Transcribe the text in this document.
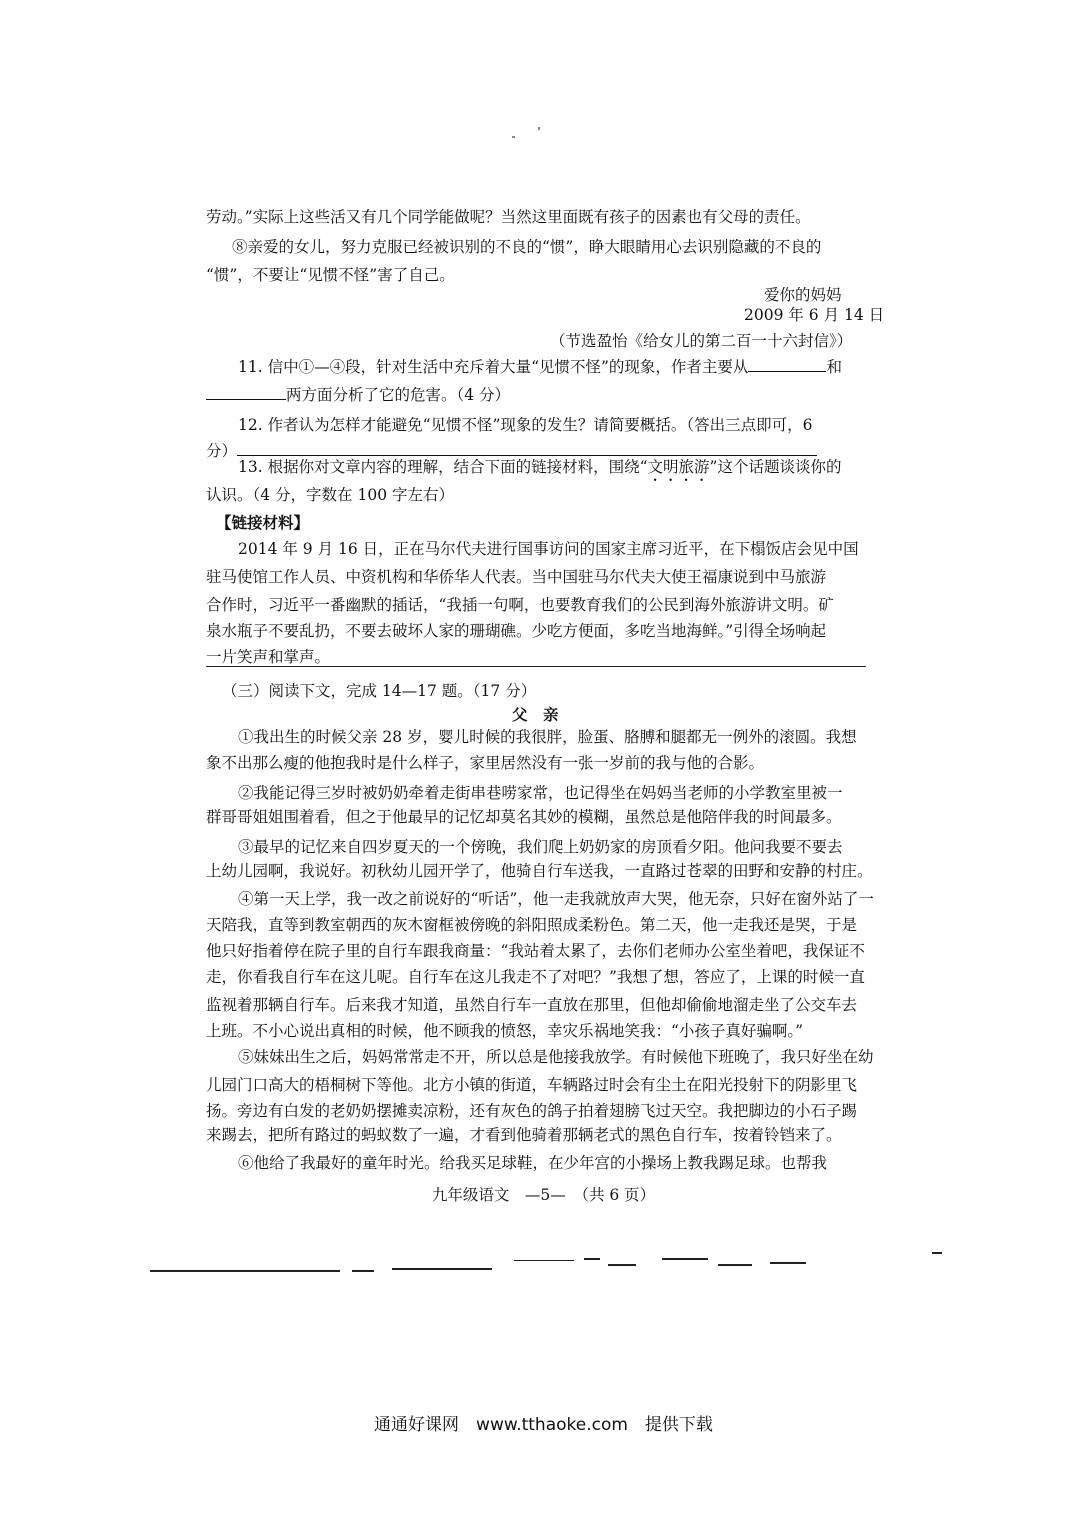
劳动。”实际上这些活又有几个同学能做呢？当然这里面既有孩子的因素也有父母的责任。
⑧亲爱的女儿，努力克服已经被识别的不良的“惯”，睁大眼睛用心去识别隐藏的不良的
“惯”，不要让“见惯不怪”害了自己。
爱你的妈妈
2009 年 6 月 14 日
（节选盈怡《给女儿的第二百一十六封信》）
11. 信中①—④段，针对生活中充斥着大量“见惯不怪”的现象，作者主要从	和
两方面分析了它的危害。（4 分）
12. 作者认为怎样才能避免“见惯不怪”现象的发生？请简要概括。（答出三点即可，6
分）
13. 根据你对文章内容的理解，结合下面的链接材料，围绕“文明旅游”这个话题谈谈你的
认识。（4 分，字数在 100 字左右）
【链接材料】
2014 年 9 月 16 日，正在马尔代夫进行国事访问的国家主席习近平，在下榻饭店会见中国
驻马使馆工作人员、中资机构和华侨华人代表。当中国驻马尔代夫大使王福康说到中马旅游
合作时，习近平一番幽默的插话，“我插一句啊，也要教育我们的公民到海外旅游讲文明。矿
泉水瓶子不要乱扔，不要去破坏人家的珊瑚礁。少吃方便面，多吃当地海鲜。”引得全场响起
一片笑声和掌声。
（三）阅读下文，完成 14—17 题。（17 分）
父　亲
①我出生的时候父亲 28 岁，婴儿时候的我很胖，脸蛋、胳膊和腿都无一例外的滚圆。我想
象不出那么瘦的他抱我时是什么样子，家里居然没有一张一岁前的我与他的合影。
②我能记得三岁时被奶奶牵着走街串巷唠家常，也记得坐在妈妈当老师的小学教室里被一
群哥哥姐姐围着看，但之于他最早的记忆却莫名其妙的模糊，虽然总是他陪伴我的时间最多。
③最早的记忆来自四岁夏天的一个傍晚，我们爬上奶奶家的房顶看夕阳。他问我要不要去
上幼儿园啊，我说好。初秋幼儿园开学了，他骑自行车送我，一直路过苍翠的田野和安静的村庄。
④第一天上学，我一改之前说好的“听话”，他一走我就放声大哭，他无奈，只好在窗外站了一
天陪我，直等到教室朝西的灰木窗框被傍晚的斜阳照成柔粉色。第二天，他一走我还是哭，于是
他只好指着停在院子里的自行车跟我商量：“我站着太累了，去你们老师办公室坐着吧，我保证不
走，你看我自行车在这儿呢。自行车在这儿我走不了对吧？”我想了想，答应了，上课的时候一直
监视着那辆自行车。后来我才知道，虽然自行车一直放在那里，但他却偷偷地溜走坐了公交车去
上班。不小心说出真相的时候，他不顾我的愤怒，幸灾乐祸地笑我：“小孩子真好骗啊。”
⑤妹妹出生之后，妈妈常常走不开，所以总是他接我放学。有时候他下班晚了，我只好坐在幼
儿园门口高大的梧桐树下等他。北方小镇的街道，车辆路过时会有尘土在阳光投射下的阴影里飞
扬。旁边有白发的老奶奶摆摊卖凉粉，还有灰色的鸽子拍着翅膀飞过天空。我把脚边的小石子踢
来踢去，把所有路过的蚂蚁数了一遍，才看到他骑着那辆老式的黑色自行车，按着铃铛来了。
⑥他给了我最好的童年时光。给我买足球鞋，在少年宫的小操场上教我踢足球。也帮我
九年级语文　—5—　（共 6 页）
通通好课网　www.tthaoke.com　提供下载
